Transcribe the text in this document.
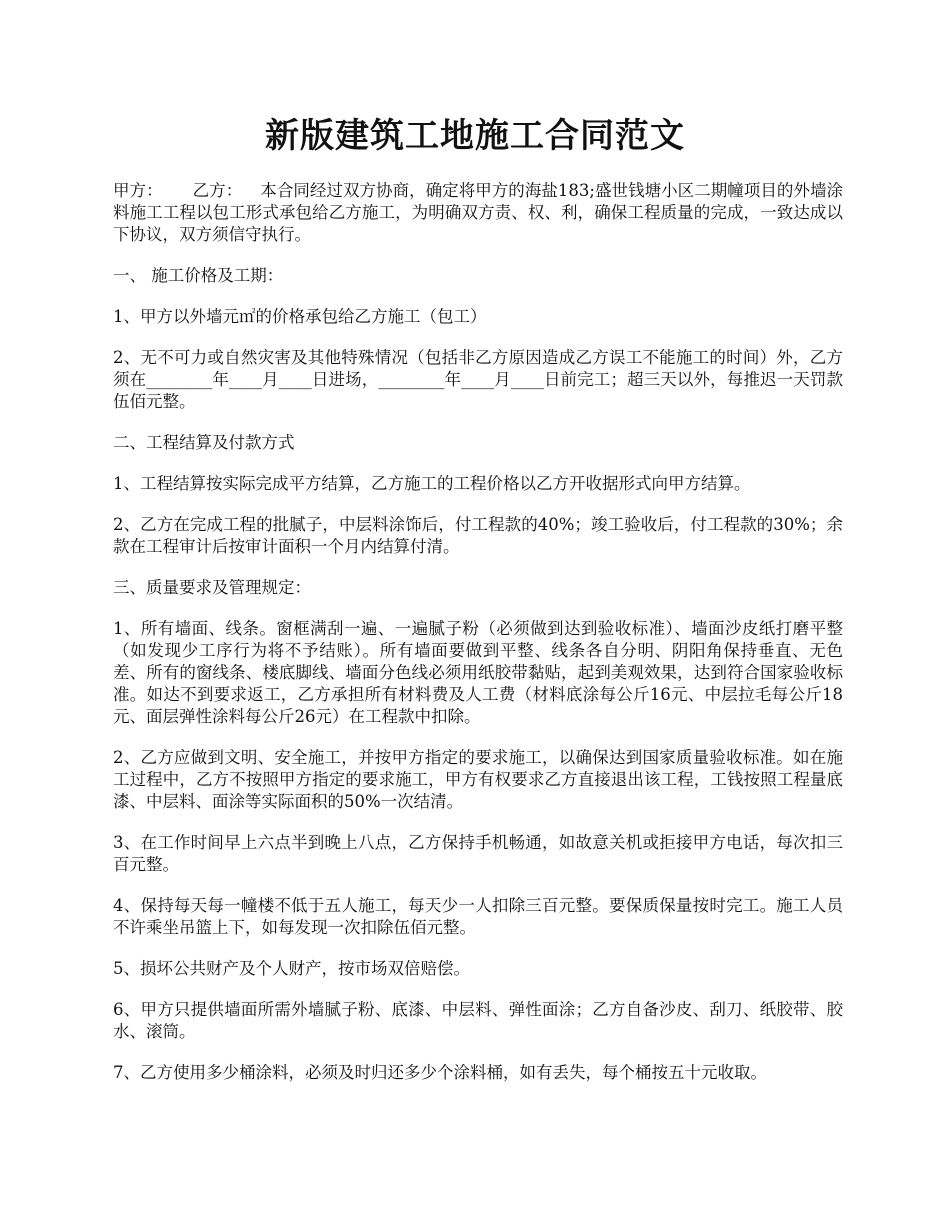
新版建筑工地施工合同范文

甲方： 乙方： 本合同经过双方协商，确定将甲方的海盐183;盛世钱塘小区二期幢项目的外墙涂料施工工程以包工形式承包给乙方施工，为明确双方责、权、利，确保工程质量的完成，一致达成以下协议，双方须信守执行。

一、 施工价格及工期：

1、甲方以外墙元㎡的价格承包给乙方施工（包工）

2、无不可力或自然灾害及其他特殊情况（包括非乙方原因造成乙方误工不能施工的时间）外，乙方须在________年____月____日进场，________年____月____日前完工；超三天以外，每推迟一天罚款伍佰元整。

二、工程结算及付款方式

1、工程结算按实际完成平方结算，乙方施工的工程价格以乙方开收据形式向甲方结算。

2、乙方在完成工程的批腻子，中层料涂饰后，付工程款的40%；竣工验收后，付工程款的30%；余款在工程审计后按审计面积一个月内结算付清。

三、质量要求及管理规定：

1、所有墙面、线条。窗框满刮一遍、一遍腻子粉（必须做到达到验收标准）、墙面沙皮纸打磨平整（如发现少工序行为将不予结账）。所有墙面要做到平整、线条各自分明、阴阳角保持垂直、无色差、所有的窗线条、楼底脚线、墙面分色线必须用纸胶带黏贴，起到美观效果，达到符合国家验收标准。如达不到要求返工，乙方承担所有材料费及人工费（材料底涂每公斤16元、中层拉毛每公斤18元、面层弹性涂料每公斤26元）在工程款中扣除。

2、乙方应做到文明、安全施工，并按甲方指定的要求施工，以确保达到国家质量验收标准。如在施工过程中，乙方不按照甲方指定的要求施工，甲方有权要求乙方直接退出该工程，工钱按照工程量底漆、中层料、面涂等实际面积的50%一次结清。

3、在工作时间早上六点半到晚上八点，乙方保持手机畅通，如故意关机或拒接甲方电话，每次扣三百元整。

4、保持每天每一幢楼不低于五人施工，每天少一人扣除三百元整。要保质保量按时完工。施工人员 不许乘坐吊篮上下，如每发现一次扣除伍佰元整。

5、损坏公共财产及个人财产，按市场双倍赔偿。

6、甲方只提供墙面所需外墙腻子粉、底漆、中层料、弹性面涂；乙方自备沙皮、刮刀、纸胶带、胶水、滚筒。

7、乙方使用多少桶涂料，必须及时归还多少个涂料桶，如有丢失，每个桶按五十元收取。
